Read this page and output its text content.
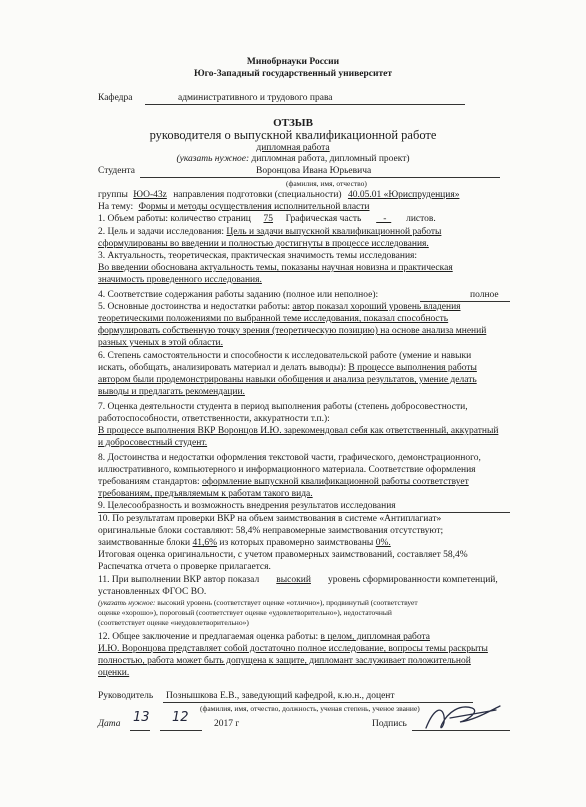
Минобрнауки России
Юго-Западный государственный университет
Кафедра	административного и трудового права
ОТЗЫВ
руководителя о выпускной квалификационной работе
дипломная работа
(указать нужное: дипломная работа, дипломный проект)
Студента	Воронцова Ивана Юрьевича
(фамилия, имя, отчество)
группы ЮО-43z направления подготовки (специальности) 40.05.01 «Юриспруденция»
На тему: Формы и методы осуществления исполнительной власти
1. Объем работы: количество страниц 75 Графическая часть    -   листов.
2. Цель и задачи исследования: Цель и задачи выпускной квалификационной работы
сформулированы во введении и полностью достигнуты в процессе исследования.
3. Актуальность, теоретическая, практическая значимость темы исследования:
Во введении обоснована актуальность темы, показаны научная новизна и практическая
значимость проведенного исследования.
4. Соответствие содержания работы заданию (полное или неполное):	полное
5. Основные достоинства и недостатки работы: автор показал хороший уровень владения
теоретическими положениями по выбранной теме исследования, показал способность
формулировать собственную точку зрения (теоретическую позицию) на основе анализа мнений
разных ученых в этой области.
6. Степень самостоятельности и способности к исследовательской работе (умение и навыки
искать, обобщать, анализировать материал и делать выводы): В процессе выполнения работы
автором были продемонстрированы навыки обобщения и анализа результатов, умение делать
выводы и предлагать рекомендации.
7. Оценка деятельности студента в период выполнения работы (степень добросовестности,
работоспособности, ответственности, аккуратности т.п.):
В процессе выполнения ВКР Воронцов И.Ю. зарекомендовал себя как ответственный, аккуратный
и добросовестный студент.
8. Достоинства и недостатки оформления текстовой части, графического, демонстрационного,
иллюстративного, компьютерного и информационного материала. Соответствие оформления
требованиям стандартов: оформление выпускной квалификационной работы соответствует
требованиям, предъявляемым к работам такого вида.
9. Целесообразность и возможность внедрения результатов исследования
10. По результатам проверки ВКР на объем заимствования в системе «Антиплагиат»
оригинальные блоки составляют: 58,4% неправомерные заимствования отсутствуют;
заимствованные блоки 41,6% из которых правомерно заимствованы 0%.
Итоговая оценка оригинальности, с учетом правомерных заимствований, составляет 58,4%
Распечатка отчета о проверке прилагается.
11. При выполнении ВКР автор показал высокий уровень сформированности компетенций,
установленных ФГОС ВО.
(указать нужное: высокий уровень (соответствует оценке «отлично»), продвинутый (соответствует
оценке «хорошо»), пороговый (соответствует оценке «удовлетворительно»), недостаточный
(соответствует оценке «неудовлетворительно»)
12. Общее заключение и предлагаемая оценка работы: в целом, дипломная работа
И.Ю. Воронцова представляет собой достаточно полное исследование, вопросы темы раскрыты
полностью, работа может быть допущена к защите, дипломант заслуживает положительной
оценки.
Руководитель Познышкова Е.В., заведующий кафедрой, к.ю.н., доцент
(фамилия, имя, отчество, должность, ученая степень, ученое звание)
Дата 13 12	2017 г	Подпись
